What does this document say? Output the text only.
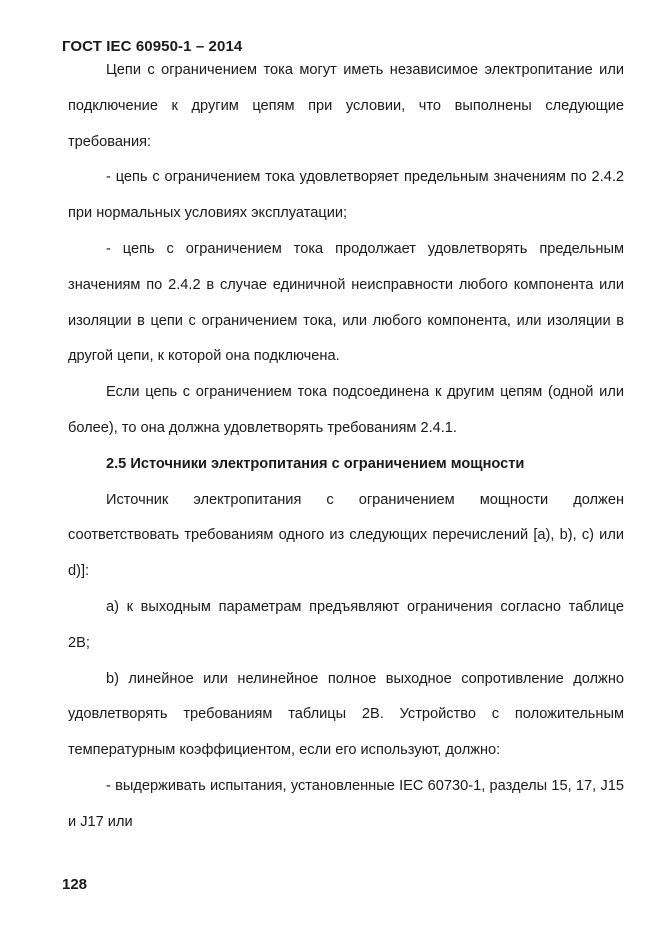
ГОСТ IEC 60950-1 – 2014

Цепи с ограничением тока могут иметь независимое электропитание или подключение к другим цепям при условии, что выполнены следующие требования:

- цепь с ограничением тока удовлетворяет предельным значениям по 2.4.2 при нормальных условиях эксплуатации;

- цепь с ограничением тока продолжает удовлетворять предельным значениям по 2.4.2 в случае единичной неисправности любого компонента или изоляции в цепи с ограничением тока, или любого компонента, или изоляции в другой цепи, к которой она подключена.

Если цепь с ограничением тока подсоединена к другим цепям (одной или более), то она должна удовлетворять требованиям 2.4.1.

2.5 Источники электропитания с ограничением мощности

Источник электропитания с ограничением мощности должен соответствовать требованиям одного из следующих перечислений [a), b), c) или d)]:

a) к выходным параметрам предъявляют ограничения согласно таблице 2В;

b) линейное или нелинейное полное выходное сопротивление должно удовлетворять требованиям таблицы 2В. Устройство с положительным температурным коэффициентом, если его используют, должно:

- выдерживать испытания, установленные IEC 60730-1, разделы 15, 17, J15 и J17 или

128
